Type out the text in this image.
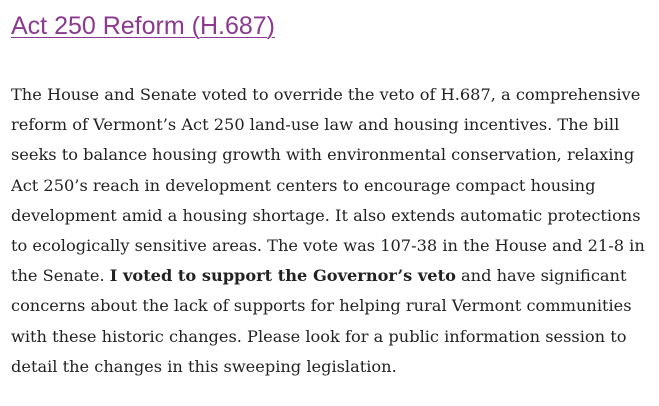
Act 250 Reform (H.687)

The House and Senate voted to override the veto of H.687, a comprehensive reform of Vermont’s Act 250 land-use law and housing incentives. The bill seeks to balance housing growth with environmental conservation, relaxing Act 250’s reach in development centers to encourage compact housing development amid a housing shortage. It also extends automatic protections to ecologically sensitive areas. The vote was 107-38 in the House and 21-8 in the Senate. I voted to support the Governor’s veto and have significant concerns about the lack of supports for helping rural Vermont communities with these historic changes. Please look for a public information session to detail the changes in this sweeping legislation.
